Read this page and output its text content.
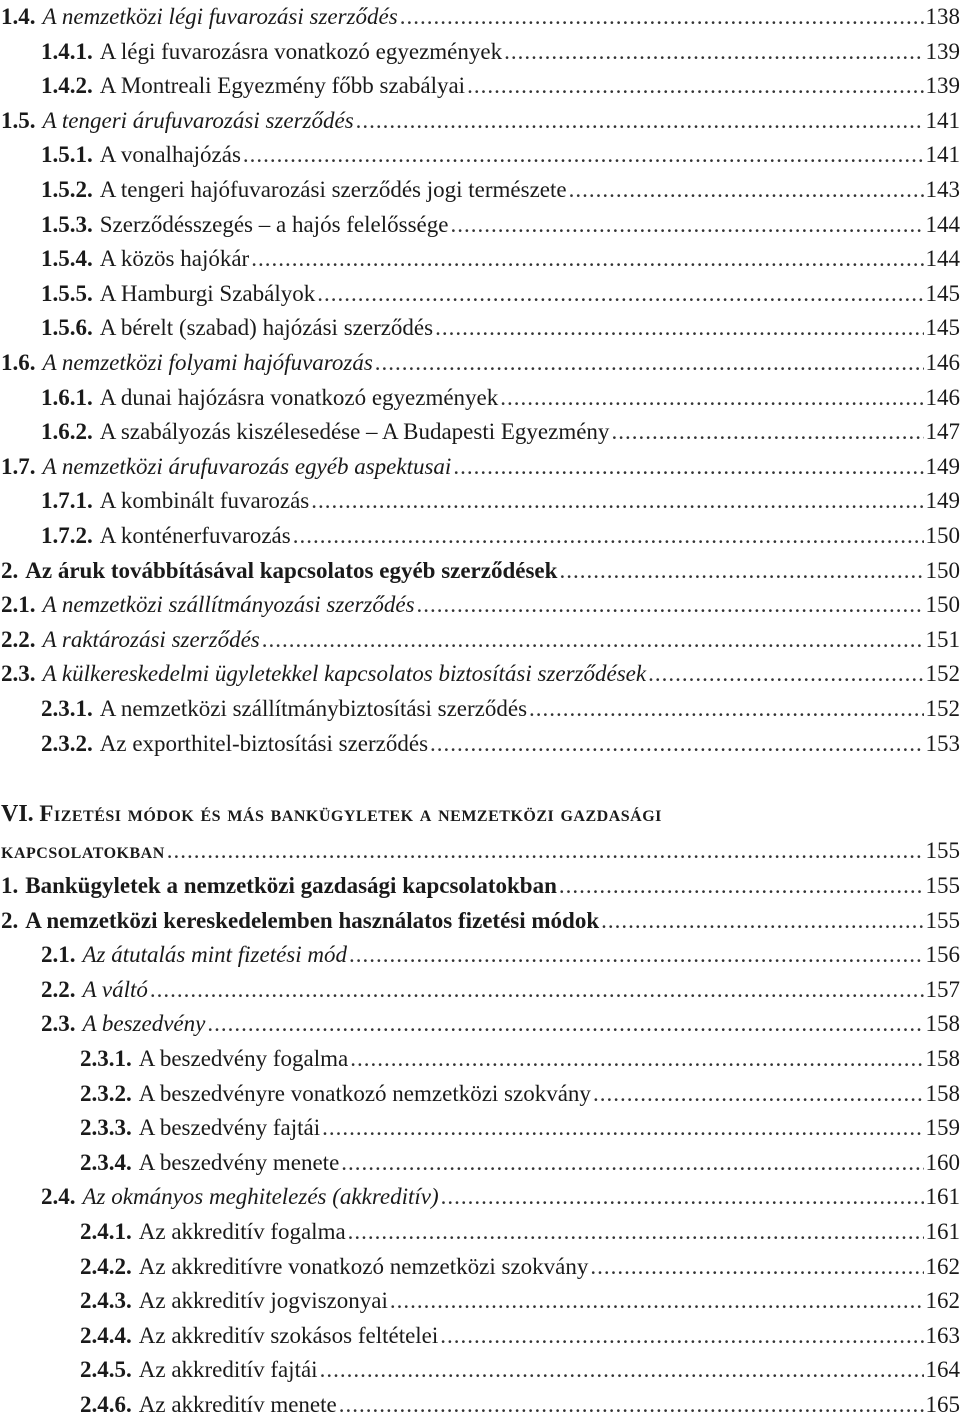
1.4. A nemzetközi légi fuvarozási szerződés .....	138
1.4.1. A légi fuvarozásra vonatkozó egyezmények .....	139
1.4.2. A Montreali Egyezmény főbb szabályai .....	139
1.5. A tengeri árufuvarozási szerződés .....	141
1.5.1. A vonalhajózás .....	141
1.5.2. A tengeri hajófuvarozási szerződés jogi természete .....	143
1.5.3. Szerződésszegés – a hajós felelőssége .....	144
1.5.4. A közös hajókár .....	144
1.5.5. A Hamburgi Szabályok .....	145
1.5.6. A bérelt (szabad) hajózási szerződés .....	145
1.6. A nemzetközi folyami hajófuvarozás .....	146
1.6.1. A dunai hajózásra vonatkozó egyezmények .....	146
1.6.2. A szabályozás kiszélesedése – A Budapesti Egyezmény .....	147
1.7. A nemzetközi árufuvarozás egyéb aspektusai .....	149
1.7.1. A kombinált fuvarozás .....	149
1.7.2. A konténerfuvarozás .....	150
2. Az áruk továbbításával kapcsolatos egyéb szerződések .....	150
2.1. A nemzetközi szállítmányozási szerződés .....	150
2.2. A raktározási szerződés .....	151
2.3. A külkereskedelmi ügyletekkel kapcsolatos biztosítási szerződések .....	152
2.3.1. A nemzetközi szállítmánybiztosítási szerződés .....	152
2.3.2. Az exporthitel-biztosítási szerződés .....	153
VI. Fizetési módok és más bankügyletek a nemzetközi gazdasági
kapcsolatokban .....	155
1. Bankügyletek a nemzetközi gazdasági kapcsolatokban .....	155
2. A nemzetközi kereskedelemben használatos fizetési módok .....	155
2.1. Az átutalás mint fizetési mód .....	156
2.2. A váltó .....	157
2.3. A beszedvény .....	158
2.3.1. A beszedvény fogalma .....	158
2.3.2. A beszedvényre vonatkozó nemzetközi szokvány .....	158
2.3.3. A beszedvény fajtái .....	159
2.3.4. A beszedvény menete .....	160
2.4. Az okmányos meghitelezés (akkreditív) .....	161
2.4.1. Az akkreditív fogalma .....	161
2.4.2. Az akkreditívre vonatkozó nemzetközi szokvány .....	162
2.4.3. Az akkreditív jogviszonyai .....	162
2.4.4. Az akkreditív szokásos feltételei .....	163
2.4.5. Az akkreditív fajtái .....	164
2.4.6. Az akkreditív menete .....	165
